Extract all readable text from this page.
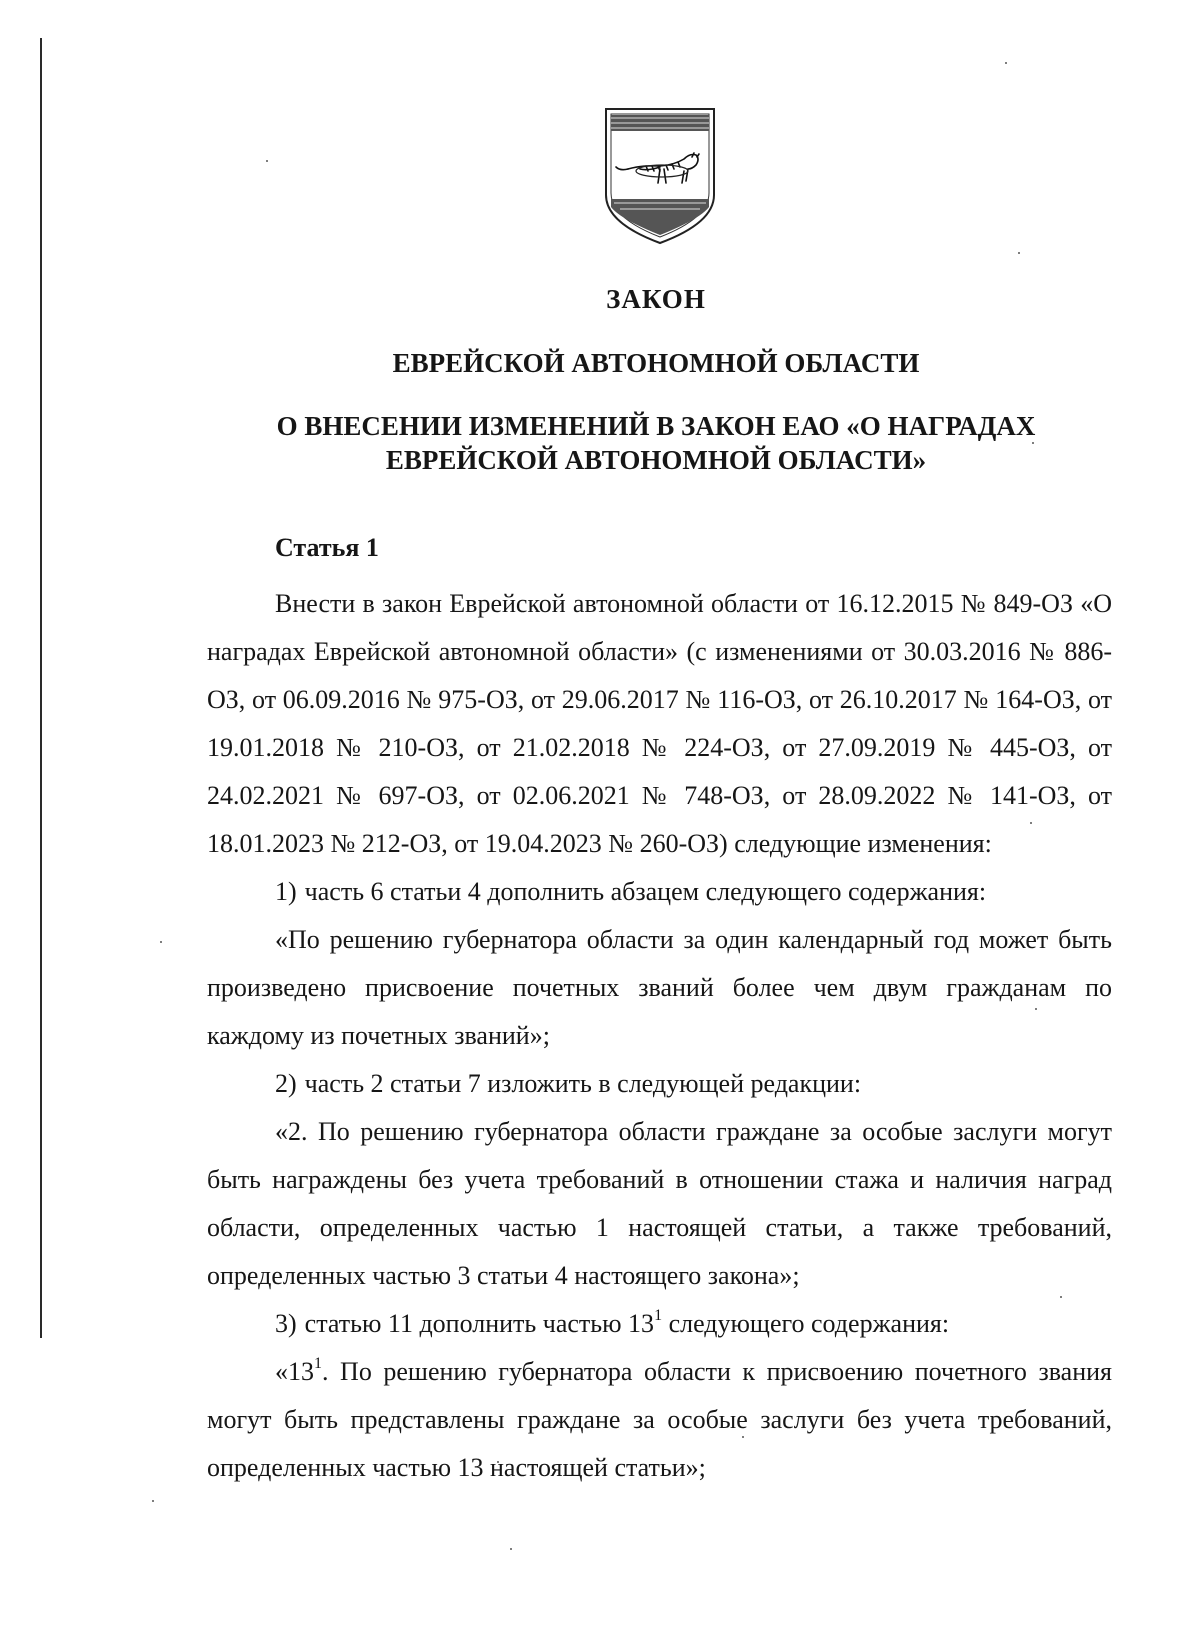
ЗАКОН
ЕВРЕЙСКОЙ АВТОНОМНОЙ ОБЛАСТИ
О ВНЕСЕНИИ ИЗМЕНЕНИЙ В ЗАКОН ЕАО «О НАГРАДАХ
ЕВРЕЙСКОЙ АВТОНОМНОЙ ОБЛАСТИ»
Статья 1

Внести в закон Еврейской автономной области от 16.12.2015 № 849-ОЗ «О наградах Еврейской автономной области» (с изменениями от 30.03.2016 № 886-ОЗ, от 06.09.2016 № 975-ОЗ, от 29.06.2017 № 116-ОЗ, от 26.10.2017 № 164-ОЗ, от 19.01.2018 № 210-ОЗ, от 21.02.2018 № 224-ОЗ, от 27.09.2019 № 445-ОЗ, от 24.02.2021 № 697-ОЗ, от 02.06.2021 № 748-ОЗ, от 28.09.2022 № 141-ОЗ, от 18.01.2023 № 212-ОЗ, от 19.04.2023 № 260-ОЗ) следующие изменения:

1) часть 6 статьи 4 дополнить абзацем следующего содержания:

«По решению губернатора области за один календарный год может быть произведено присвоение почетных званий более чем двум гражданам по каждому из почетных званий»;

2) часть 2 статьи 7 изложить в следующей редакции:

«2. По решению губернатора области граждане за особые заслуги могут быть награждены без учета требований в отношении стажа и наличия наград области, определенных частью 1 настоящей статьи, а также требований, определенных частью 3 статьи 4 настоящего закона»;

3) статью 11 дополнить частью $13^1$ следующего содержания:

«$13^1$. По решению губернатора области к присвоению почетного звания могут быть представлены граждане за особые заслуги без учета требований, определенных частью 13 настоящей статьи»;
